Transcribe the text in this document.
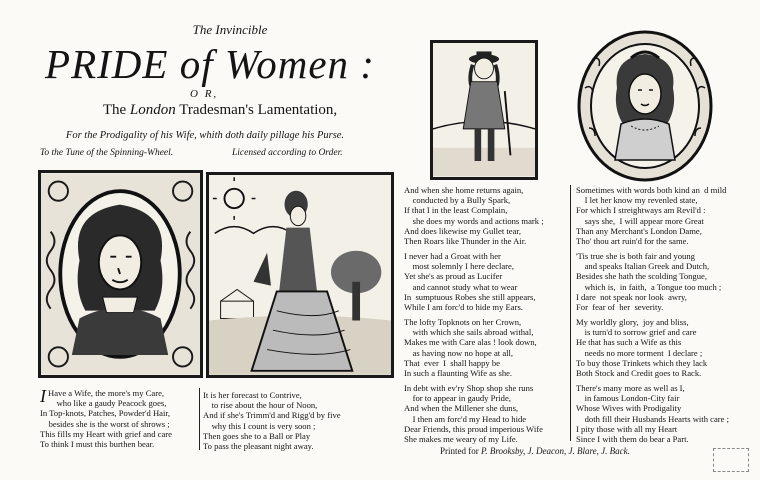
The Invincible
PRIDE of Women :
O R,
The London Tradesman's Lamentation,
For the Prodigality of his Wife, whith doth daily pillage his Purse.
To the Tune of the Spinning-Wheel.	Licensed according to Order.
I Have a Wife, the more's my Care,
who like a gaudy Peacock goes,
In Top-knots, Patches, Powder'd Hair,
besides she is the worst of shrows ;
This fills my Heart with grief and care
To think I must this burthen bear.
It is her forecast to Contrive,
to rise about the hour of Noon,
And if she's Trimm'd and Rigg'd by five
why this I count is very soon ;
Then goes she to a Ball or Play
To pass the pleasant night away.
And when she home returns again,
conducted by a Bully Spark,
If that I in the least Complain,
she does my words and actions mark ;
And does likewise my Gullet tear,
Then Roars like Thunder in the Air.
I never had a Groat with her
most solemnly I here declare,
Yet she's as proud as Lucifer
and cannot study what to wear
In  sumptuous Robes she still appears,
While I am forc'd to hide my Ears.
The lofty Topknots on her Crown,
with which she sails abroad withal,
Makes me with Care alas ! look down,
as having now no hope at all,
That  ever  I  shall happy be
In such a flaunting Wife as she.
In debt with ev'ry Shop shop she runs
for to appear in gaudy Pride,
And when the Millener she duns,
I then am forc'd my Head to hide
Dear Friends, this proud imperious Wife
She makes me weary of my Life.
Sometimes with words both kind an  d mild
I let her know my revenled state,
For which I streightways am Revil'd :
says she,  I will appear more Great
Than any Merchant's London Dame,
Tho' thou art ruin'd for the same.
'Tis true she is both fair and young
and speaks Italian Greek and Dutch,
Besides she hath the scolding Tongue,
which is,  in faith,  a Tongue too much ;
I dare  not speak nor look  awry,
For  fear of  her  severity.
My worldly glory,  joy and bliss,
is turn'd to sorrow grief and care
He that has such a Wife as this
needs no more torment  I declare ;
To buy those Trinkets which they lack
Both Stock and Credit goes to Rack.
There's many more as well as I,
in famous London-City fair
Whose Wives with Prodigality
doth fill their Husbands Hearts with care ;
I pity those with all my Heart
Since I with them do bear a Part.
Printed for P. Brooksby, J. Deacon, J. Blare, J. Back.
